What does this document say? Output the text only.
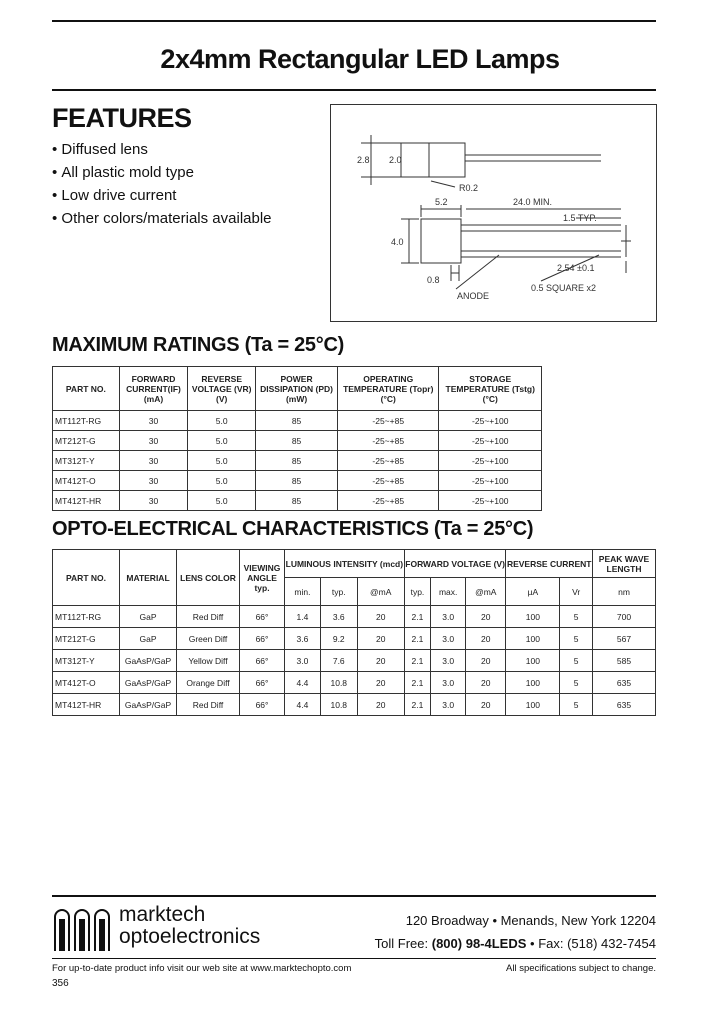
2x4mm Rectangular LED Lamps
FEATURES
• Diffused lens
• All plastic mold type
• Low drive current
• Other colors/materials available
2.8 2.0
R0.2
5.2	24.0 MIN.
1.5 TYP.
4.0
2.54 ±0.1
0.8
ANODE
0.5 SQUARE x2
MAXIMUM RATINGS (Ta = 25°C)
PART NO.	FORWARD CURRENT(IF) (mA)	REVERSE VOLTAGE (VR) (V)	POWER DISSIPATION (PD) (mW)	OPERATING TEMPERATURE (Topr) (°C)	STORAGE TEMPERATURE (Tstg) (°C)
MT112T-RG	30	5.0	85	-25~+85	-25~+100
MT212T-G	30	5.0	85	-25~+85	-25~+100
MT312T-Y	30	5.0	85	-25~+85	-25~+100
MT412T-O	30	5.0	85	-25~+85	-25~+100
MT412T-HR	30	5.0	85	-25~+85	-25~+100
OPTO-ELECTRICAL CHARACTERISTICS (Ta = 25°C)
PART NO.	MATERIAL	LENS COLOR	VIEWING ANGLE typ.	LUMINOUS INTENSITY (mcd)			FORWARD VOLTAGE (V)			REVERSE CURRENT		PEAK WAVE LENGTH
				min.	typ.	@mA	typ.	max.	@mA	µA	Vr	nm
MT112T-RG	GaP	Red Diff	66°	1.4	3.6	20	2.1	3.0	20	100	5	700
MT212T-G	GaP	Green Diff	66°	3.6	9.2	20	2.1	3.0	20	100	5	567
MT312T-Y	GaAsP/GaP	Yellow Diff	66°	3.0	7.6	20	2.1	3.0	20	100	5	585
MT412T-O	GaAsP/GaP	Orange Diff	66°	4.4	10.8	20	2.1	3.0	20	100	5	635
MT412T-HR	GaAsP/GaP	Red Diff	66°	4.4	10.8	20	2.1	3.0	20	100	5	635
marktech
optoelectronics
120 Broadway • Menands, New York 12204
Toll Free: (800) 98-4LEDS • Fax: (518) 432-7454
For up-to-date product info visit our web site at www.marktechopto.com	All specifications subject to change.
356
